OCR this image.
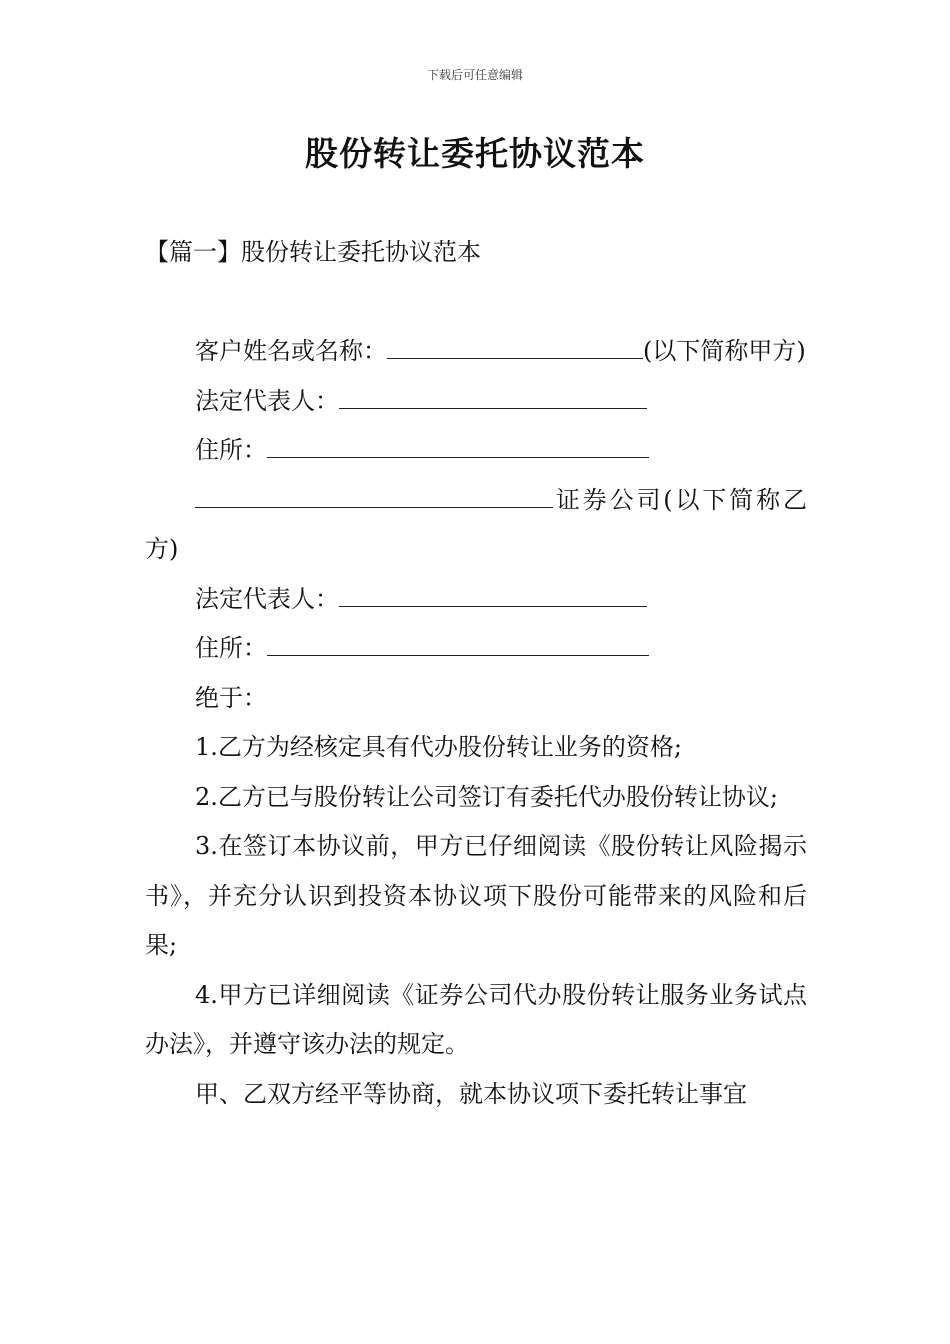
下载后可任意编辑
股份转让委托协议范本
【篇一】股份转让委托协议范本

客户姓名或名称：	(以下简称甲方)

法定代表人：

住所：

证券公司(以下简称乙方)

法定代表人：

住所：

绝于：

1.乙方为经核定具有代办股份转让业务的资格;

2.乙方已与股份转让公司签订有委托代办股份转让协议;

3.在签订本协议前，甲方已仔细阅读《股份转让风险揭示书》，并充分认识到投资本协议项下股份可能带来的风险和后果;

4.甲方已详细阅读《证券公司代办股份转让服务业务试点办法》，并遵守该办法的规定。

甲、乙双方经平等协商，就本协议项下委托转让事宜
